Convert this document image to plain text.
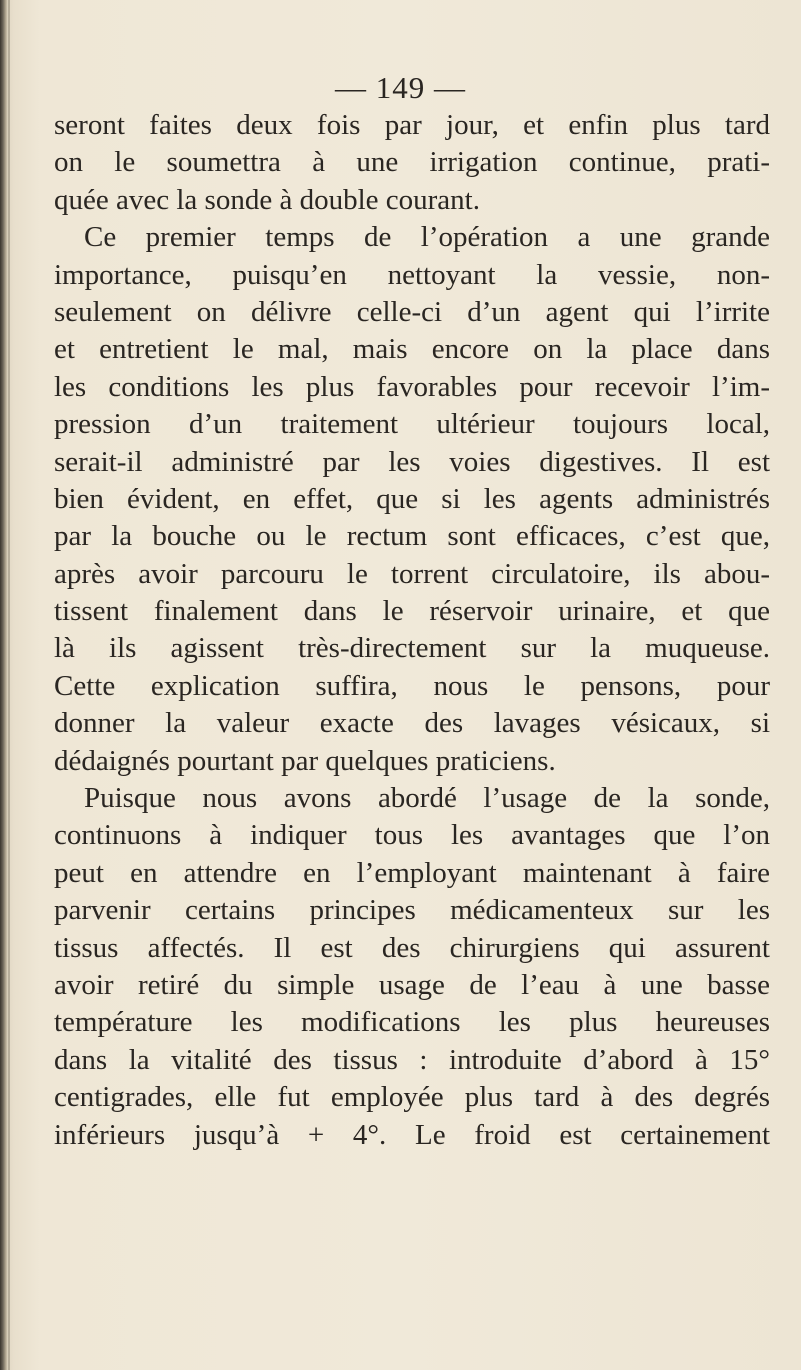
— 149 —
seront faites deux fois par jour, et enfin plus tard
on le soumettra à une irrigation continue, prati-
quée avec la sonde à double courant.
Ce premier temps de l’opération a une grande
importance, puisqu’en nettoyant la vessie, non-
seulement on délivre celle-ci d’un agent qui l’irrite
et entretient le mal, mais encore on la place dans
les conditions les plus favorables pour recevoir l’im-
pression d’un traitement ultérieur toujours local,
serait-il administré par les voies digestives. Il est
bien évident, en effet, que si les agents administrés
par la bouche ou le rectum sont efficaces, c’est que,
après avoir parcouru le torrent circulatoire, ils abou-
tissent finalement dans le réservoir urinaire, et que
là ils agissent très-directement sur la muqueuse.
Cette explication suffira, nous le pensons, pour
donner la valeur exacte des lavages vésicaux, si
dédaignés pourtant par quelques praticiens.
Puisque nous avons abordé l’usage de la sonde,
continuons à indiquer tous les avantages que l’on
peut en attendre en l’employant maintenant à faire
parvenir certains principes médicamenteux sur les
tissus affectés. Il est des chirurgiens qui assurent
avoir retiré du simple usage de l’eau à une basse
température les modifications les plus heureuses
dans la vitalité des tissus : introduite d’abord à 15°
centigrades, elle fut employée plus tard à des degrés
inférieurs jusqu’à + 4°. Le froid est certainement
